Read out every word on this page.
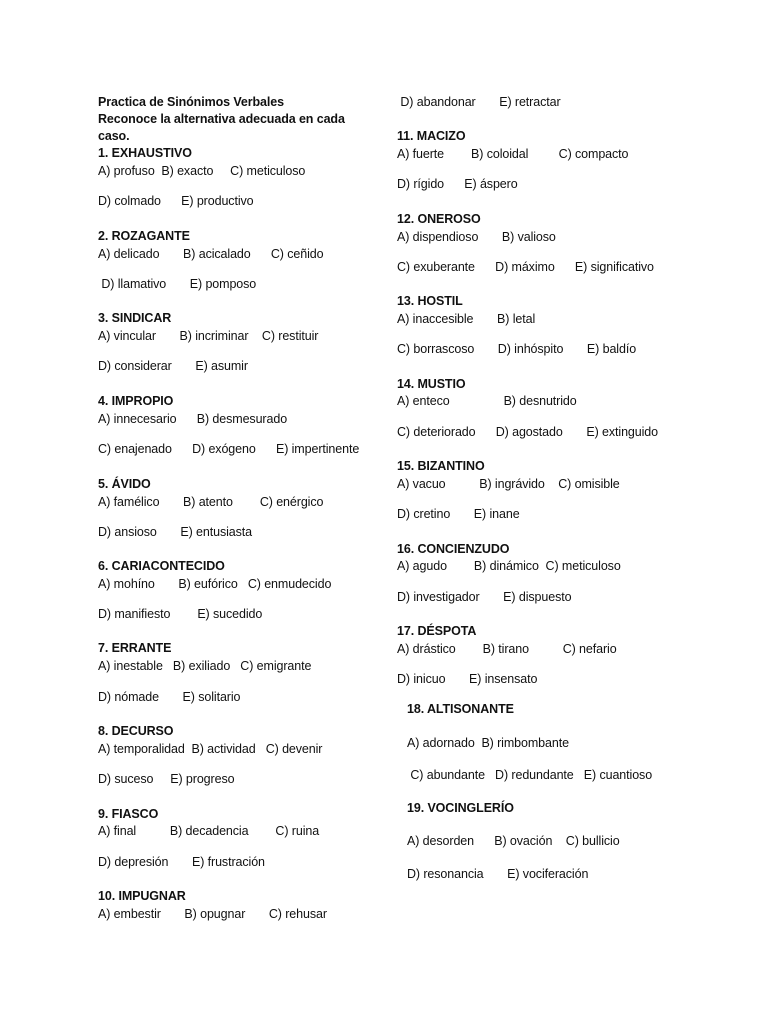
Practica de Sinónimos Verbales
Reconoce la alternativa adecuada en cada
caso.
1. EXHAUSTIVO
A) profuso  B) exacto     C) meticuloso
D) colmado      E) productivo
2. ROZAGANTE
A) delicado       B) acicalado      C) ceñido
D) llamativo       E) pomposo
3. SINDICAR
A) vincular       B) incriminar    C) restituir
D) considerar       E) asumir
4. IMPROPIO
A) innecesario      B) desmesurado
C) enajenado      D) exógeno      E) impertinente
5. ÁVIDO
A) famélico       B) atento        C) enérgico
D) ansioso       E) entusiasta
6. CARIACONTECIDO
A) mohíno       B) eufórico   C) enmudecido
D) manifiesto        E) sucedido
7. ERRANTE
A) inestable   B) exiliado   C) emigrante
D) nómade       E) solitario
8. DECURSO
A) temporalidad  B) actividad   C) devenir
D) suceso     E) progreso
9. FIASCO
A) final          B) decadencia        C) ruina
D) depresión       E) frustración
10. IMPUGNAR
A) embestir       B) opugnar       C) rehusar
D) abandonar       E) retractar
11. MACIZO
A) fuerte        B) coloidal         C) compacto
D) rígido      E) áspero
12. ONEROSO
A) dispendioso       B) valioso
C) exuberante      D) máximo      E) significativo
13. HOSTIL
A) inaccesible       B) letal
C) borrascoso       D) inhóspito       E) baldío
14. MUSTIO
A) enteco                B) desnutrido
C) deteriorado      D) agostado       E) extinguido
15. BIZANTINO
A) vacuo          B) ingrávido    C) omisible
D) cretino       E) inane
16. CONCIENZUDO
A) agudo        B) dinámico  C) meticuloso
D) investigador       E) dispuesto
17. DÉSPOTA
A) drástico        B) tirano          C) nefario
D) inicuo       E) insensato
18. ALTISONANTE
A) adornado  B) rimbombante
C) abundante   D) redundante   E) cuantioso
19. VOCINGLERÍO
A) desorden      B) ovación    C) bullicio
D) resonancia       E) vociferación
